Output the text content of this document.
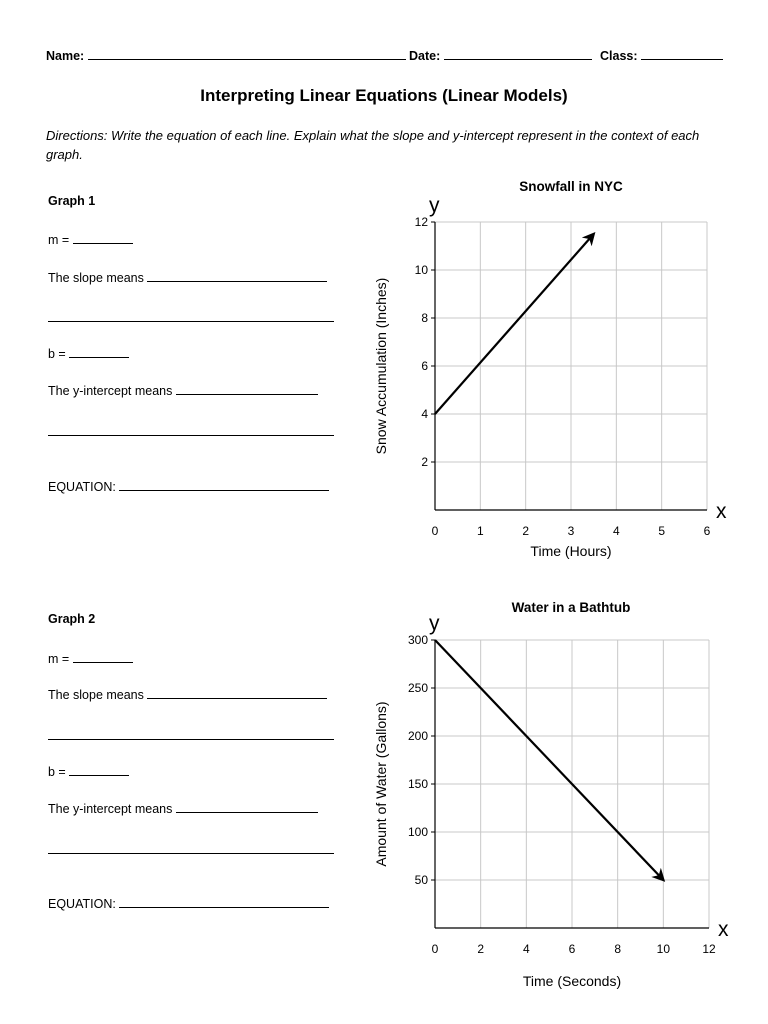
Name:	Date:	Class:
Interpreting Linear Equations (Linear Models)
Directions: Write the equation of each line. Explain what the slope and y-intercept represent in the context of each graph.
Graph 1
m =
The slope means
b =
The y-intercept means
EQUATION:
Graph 2
m =
The slope means
b =
The y-intercept means
EQUATION:
Snowfall in NYC
2
4
6
8
10
12
0	1	2	3	4	5	6
y
x
Time (Hours)
Snow Accumulation (Inches)
Water in a Bathtub
50
100
150
200
250
300
0	2	4	6	8	10	12
y
x
Time (Seconds)
Amount of Water (Gallons)
